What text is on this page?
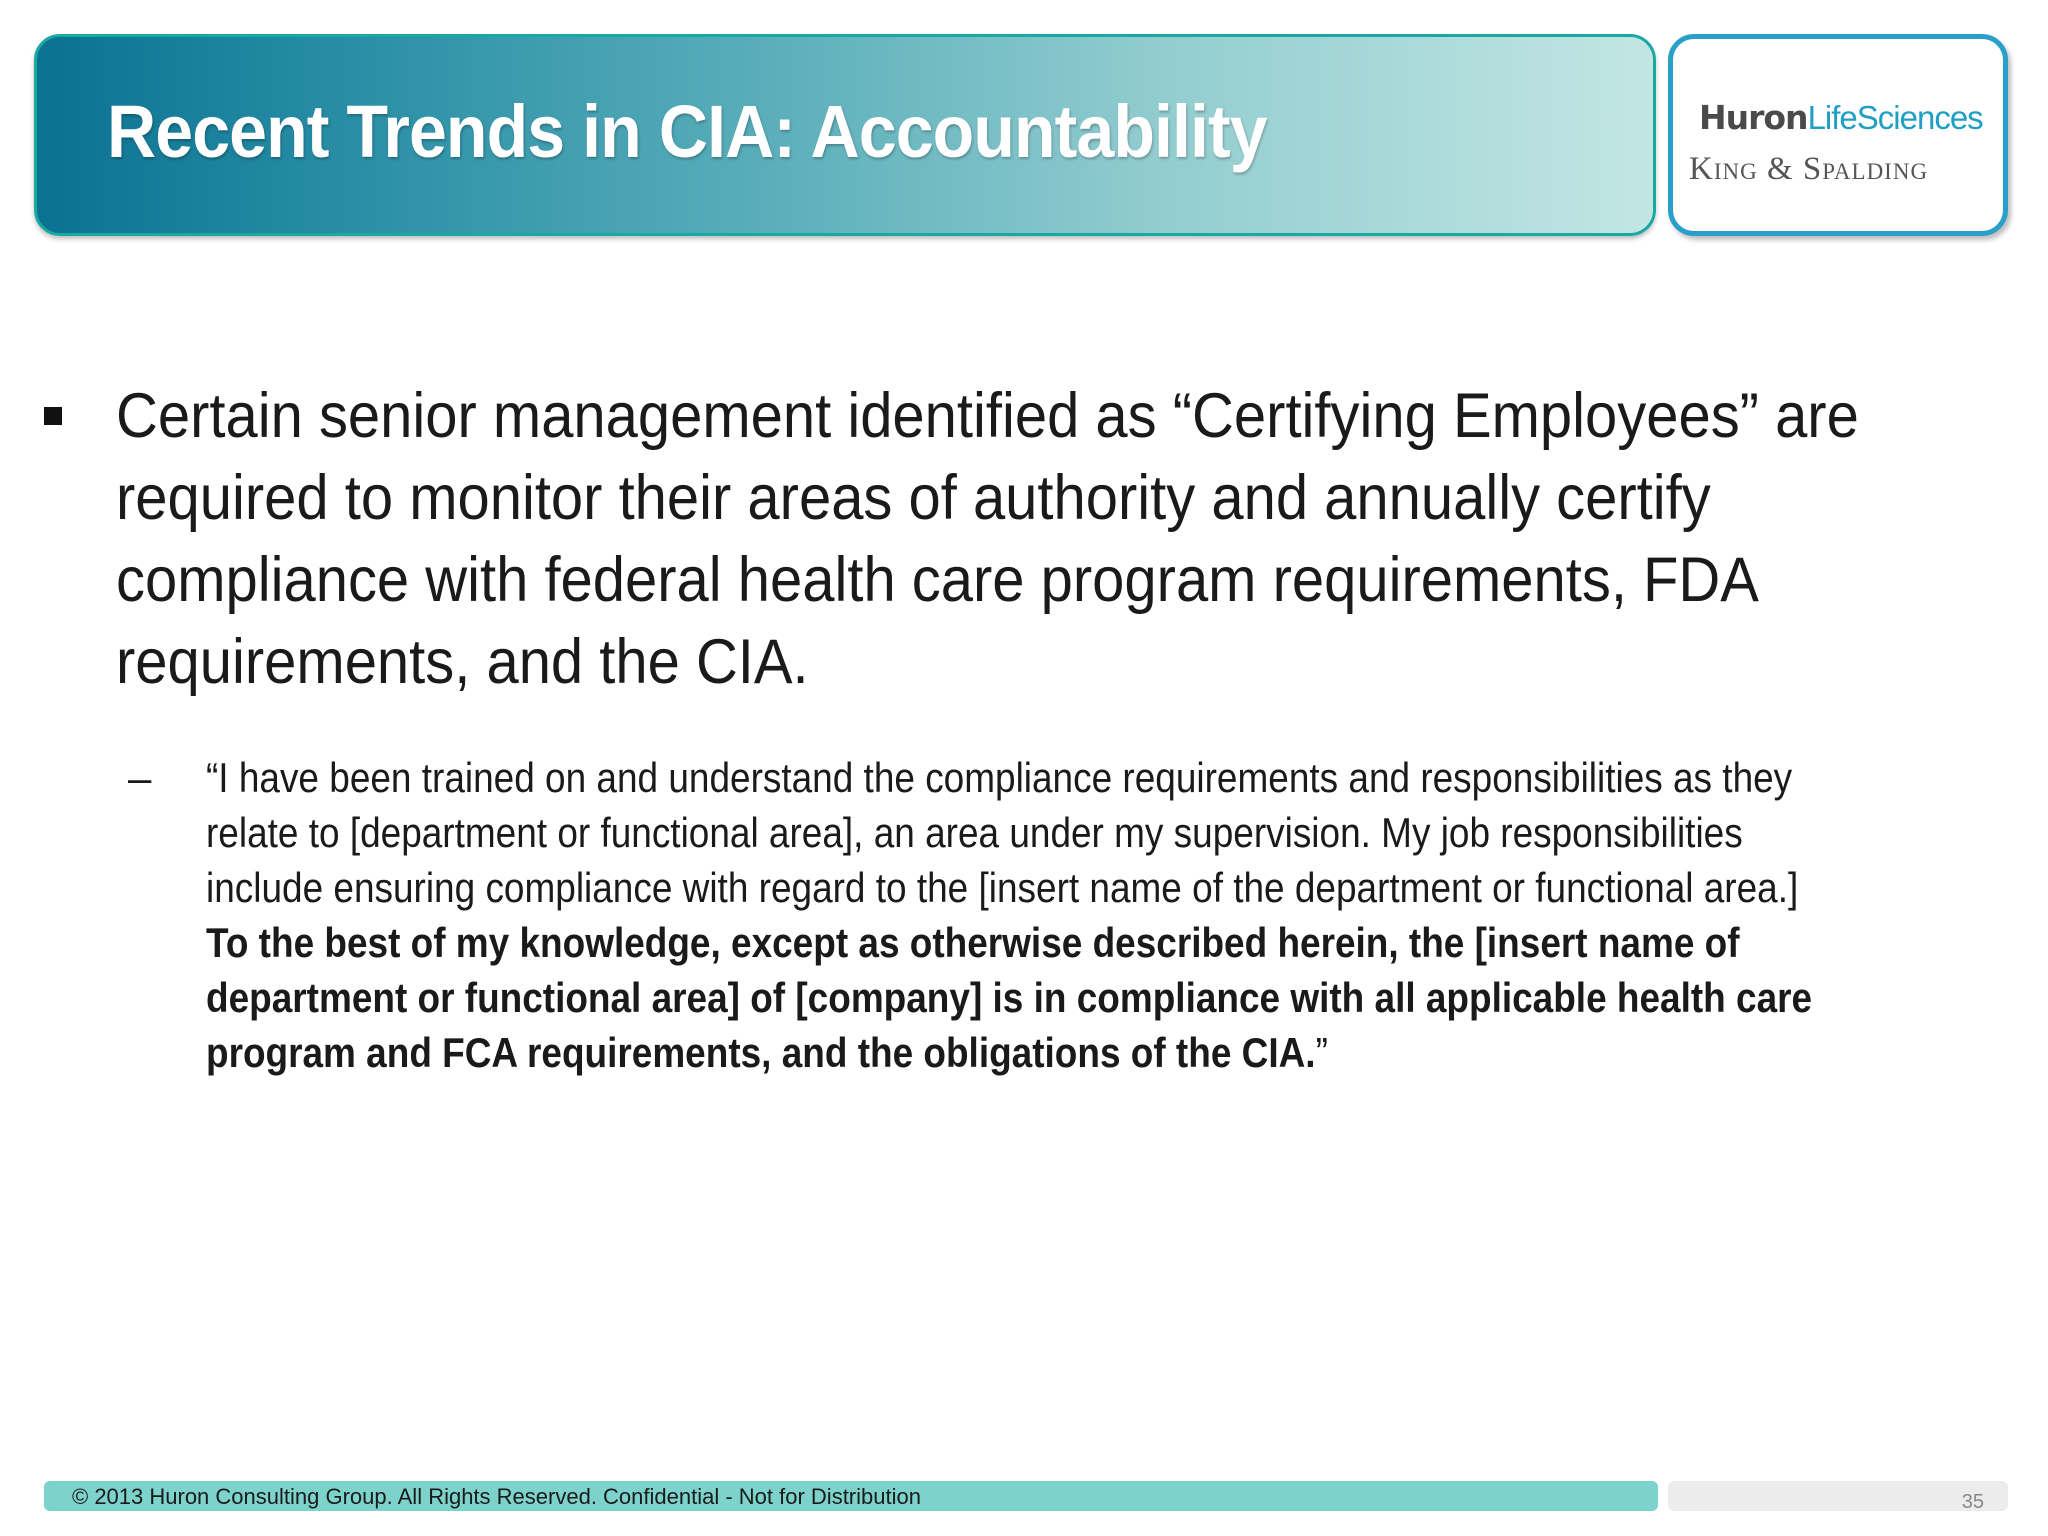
Recent Trends in CIA: Accountability	HuronLifeSciences
King & Spalding

Certain senior management identified as “Certifying Employees” are required to monitor their areas of authority and annually certify compliance with federal health care program requirements, FDA requirements, and the CIA.

– “I have been trained on and understand the compliance requirements and responsibilities as they relate to [department or functional area], an area under my supervision. My job responsibilities include ensuring compliance with regard to the [insert name of the department or functional area.] To the best of my knowledge, except as otherwise described herein, the [insert name of department or functional area] of [company] is in compliance with all applicable health care program and FCA requirements, and the obligations of the CIA.”

© 2013 Huron Consulting Group. All Rights Reserved. Confidential - Not for Distribution	35
